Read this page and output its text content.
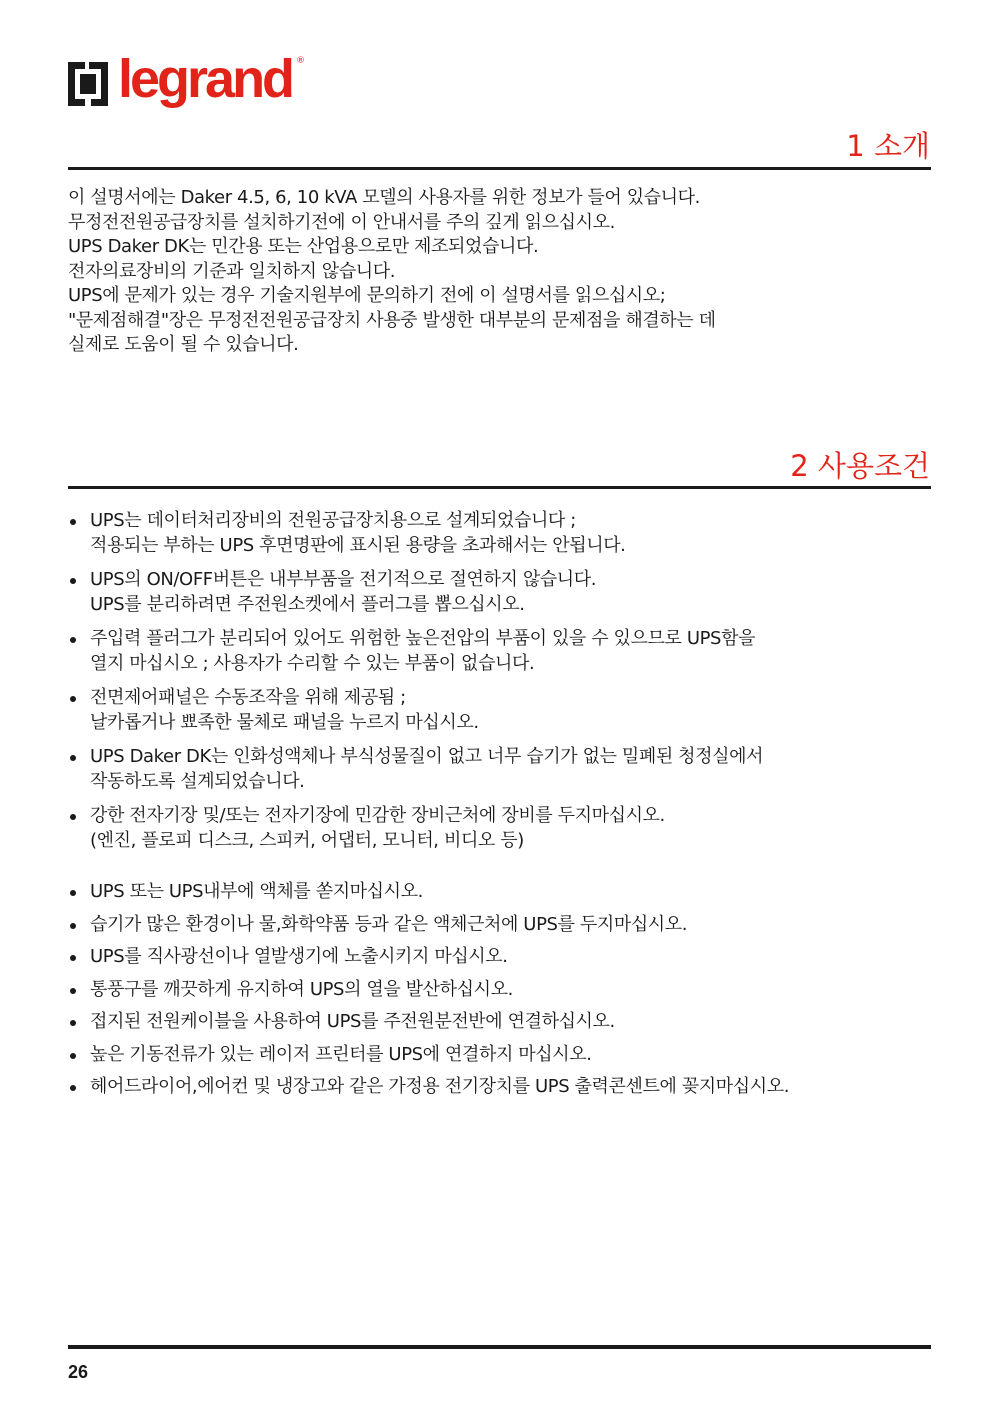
legrand ®
1 소개

이 설명서에는 Daker 4.5, 6, 10 kVA 모델의 사용자를 위한 정보가 들어 있습니다.

무정전전원공급장치를 설치하기전에 이 안내서를 주의 깊게 읽으십시오.

UPS Daker DK는 민간용 또는 산업용으로만 제조되었습니다.

전자의료장비의 기준과 일치하지 않습니다.

UPS에 문제가 있는 경우 기술지원부에 문의하기 전에 이 설명서를 읽으십시오;

"문제점해결"장은 무정전전원공급장치 사용중 발생한 대부분의 문제점을 해결하는 데

실제로 도움이 될 수 있습니다.

2 사용조건
UPS는 데이터처리장비의 전원공급장치용으로 설계되었습니다 ;
적용되는 부하는 UPS 후면명판에 표시된 용량을 초과해서는 안됩니다.
UPS의 ON/OFF버튼은 내부부품을 전기적으로 절연하지 않습니다.
UPS를 분리하려면 주전원소켓에서 플러그를 뽑으십시오.
주입력 플러그가 분리되어 있어도 위험한 높은전압의 부품이 있을 수 있으므로 UPS함을
열지 마십시오 ; 사용자가 수리할 수 있는 부품이 없습니다.
전면제어패널은 수동조작을 위해 제공됨 ;
날카롭거나 뾰족한 물체로 패널을 누르지 마십시오.
UPS Daker DK는 인화성액체나 부식성물질이 없고 너무 습기가 없는 밀폐된 청정실에서
작동하도록 설계되었습니다.
강한 전자기장 및/또는 전자기장에 민감한 장비근처에 장비를 두지마십시오.
(엔진, 플로피 디스크, 스피커, 어댑터, 모니터, 비디오 등)
UPS 또는 UPS내부에 액체를 쏟지마십시오.
습기가 많은 환경이나 물,화학약품 등과 같은 액체근처에 UPS를 두지마십시오.
UPS를 직사광선이나 열발생기에 노출시키지 마십시오.
통풍구를 깨끗하게 유지하여 UPS의 열을 발산하십시오.
접지된 전원케이블을 사용하여 UPS를 주전원분전반에 연결하십시오.
높은 기동전류가 있는 레이저 프린터를 UPS에 연결하지 마십시오.
헤어드라이어,에어컨 및 냉장고와 같은 가정용 전기장치를 UPS 출력콘센트에 꽂지마십시오.
26
